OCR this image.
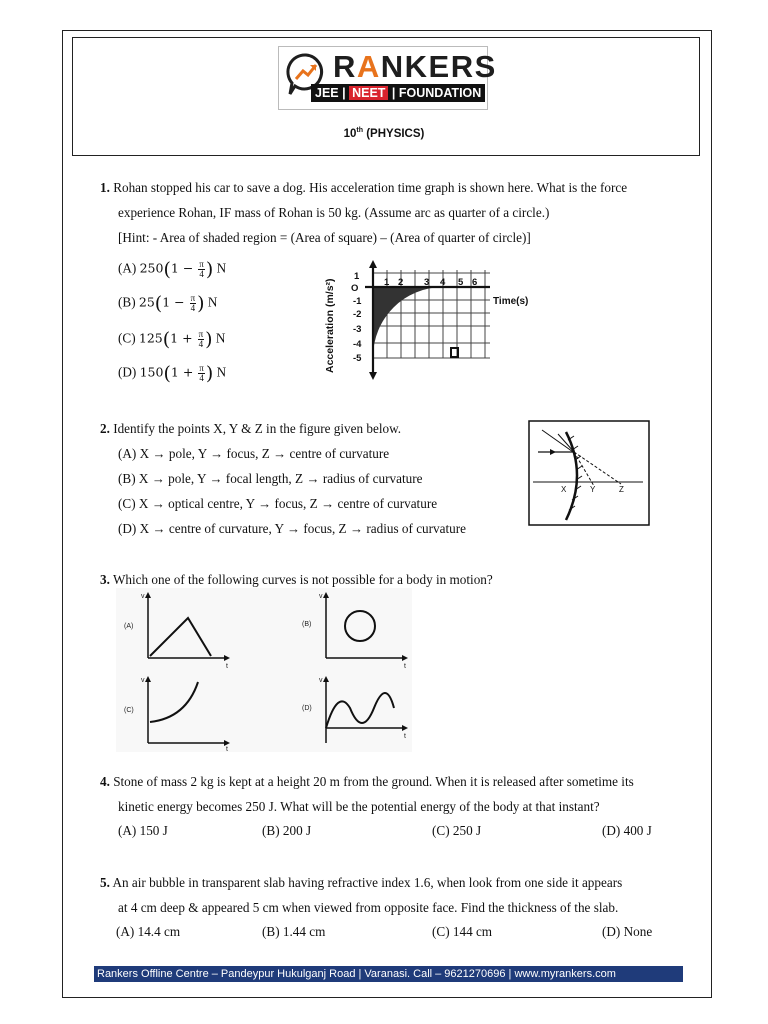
RANKERS
JEE | NEET | FOUNDATION
10th (PHYSICS)
1. Rohan stopped his car to save a dog. His acceleration time graph is shown here. What is the force
experience Rohan, IF mass of Rohan is 50 kg. (Assume arc as quarter of a circle.)
[Hint: - Area of shaded region = (Area of square) – (Area of quarter of circle)]
(A) $250(1 - \frac{\pi}{4}$ ) N
(B) $25(1 - \frac{\pi}{4}$ ) N
(C) $125(1 + \frac{\pi}{4}$ ) N
(D) $150(1 + \frac{\pi}{4}$ ) N	Acceleration (m/s²)	Time(s)
1 2 3 4 5 6
1
O
-1
-2
-3
-4
-5
2. Identify the points X, Y & Z in the figure given below.
(A) X → pole, Y → focus, Z → centre of curvature
(B) X → pole, Y → focal length, Z → radius of curvature
(C) X → optical centre, Y → focus, Z → centre of curvature
(D) X → centre of curvature, Y → focus, Z → radius of curvature
X	Y	Z
3. Which one of the following curves is not possible for a body in motion?
(A)	(B)
(C)	(D)
v
t
v
t
v
t
v
t
4. Stone of mass 2 kg is kept at a height 20 m from the ground. When it is released after sometime its
kinetic energy becomes 250 J. What will be the potential energy of the body at that instant?
(A) 150 J	(B) 200 J	(C) 250 J	(D) 400 J
5. An air bubble in transparent slab having refractive index 1.6, when look from one side it appears
at 4 cm deep & appeared 5 cm when viewed from opposite face. Find the thickness of the slab.
(A) 14.4 cm	(B) 1.44 cm	(C) 144 cm	(D) None
Rankers Offline Centre – Pandeypur Hukulganj Road | Varanasi. Call – 9621270696 | www.myrankers.com
